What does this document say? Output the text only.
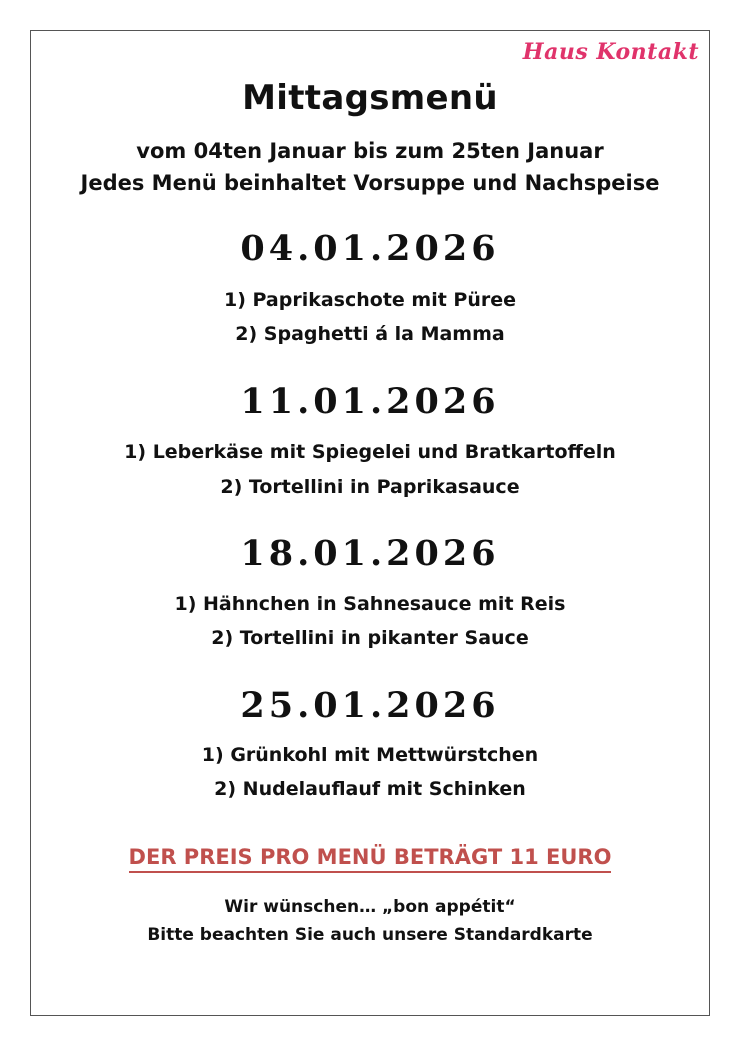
Haus Kontakt
Mittagsmenü
vom 04ten Januar bis zum 25ten Januar
Jedes Menü beinhaltet Vorsuppe und Nachspeise
04.01.2026
1) Paprikaschote mit Püree
2) Spaghetti á la Mamma
11.01.2026
1) Leberkäse mit Spiegelei und Bratkartoffeln
2) Tortellini in Paprikasauce
18.01.2026
1) Hähnchen in Sahnesauce mit Reis
2) Tortellini in pikanter Sauce
25.01.2026
1) Grünkohl mit Mettwürstchen
2) Nudelauflauf mit Schinken
DER PREIS PRO MENÜ BETRÄGT 11 EURO
Wir wünschen… „bon appétit“
Bitte beachten Sie auch unsere Standardkarte
